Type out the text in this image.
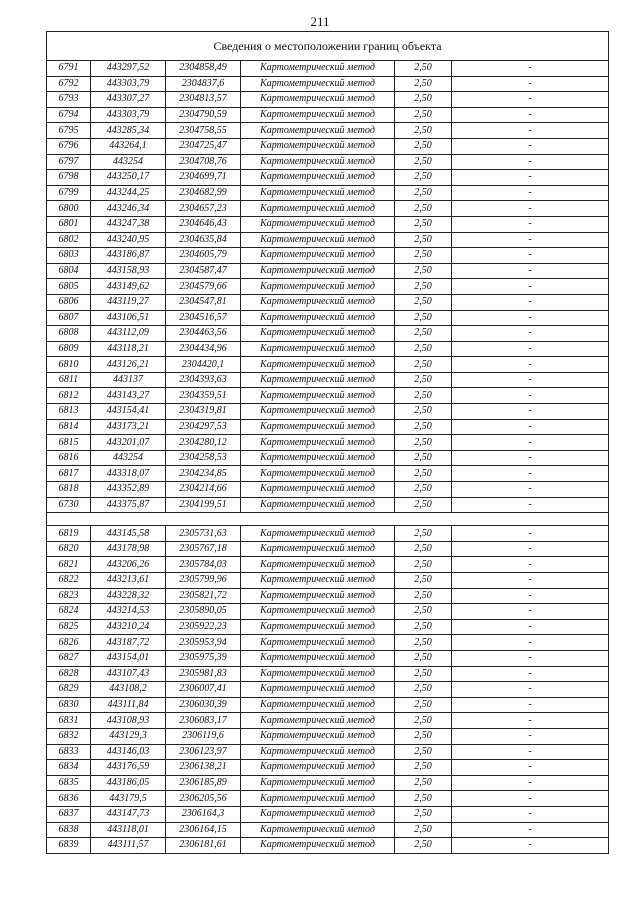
211
Сведения о местоположении границ объекта					
6791	443297,52	2304858,49	Картометрический метод	2,50	-
6792	443303,79	2304837,6	Картометрический метод	2,50	-
6793	443307,27	2304813,57	Картометрический метод	2,50	-
6794	443303,79	2304790,59	Картометрический метод	2,50	-
6795	443285,34	2304758,55	Картометрический метод	2,50	-
6796	443264,1	2304725,47	Картометрический метод	2,50	-
6797	443254	2304708,76	Картометрический метод	2,50	-
6798	443250,17	2304699,71	Картометрический метод	2,50	-
6799	443244,25	2304682,99	Картометрический метод	2,50	-
6800	443246,34	2304657,23	Картометрический метод	2,50	-
6801	443247,38	2304646,43	Картометрический метод	2,50	-
6802	443240,95	2304635,84	Картометрический метод	2,50	-
6803	443186,87	2304605,79	Картометрический метод	2,50	-
6804	443158,93	2304587,47	Картометрический метод	2,50	-
6805	443149,62	2304579,66	Картометрический метод	2,50	-
6806	443119,27	2304547,81	Картометрический метод	2,50	-
6807	443106,51	2304516,57	Картометрический метод	2,50	-
6808	443112,09	2304463,56	Картометрический метод	2,50	-
6809	443118,21	2304434,96	Картометрический метод	2,50	-
6810	443126,21	2304420,1	Картометрический метод	2,50	-
6811	443137	2304393,63	Картометрический метод	2,50	-
6812	443143,27	2304359,51	Картометрический метод	2,50	-
6813	443154,41	2304319,81	Картометрический метод	2,50	-
6814	443173,21	2304297,53	Картометрический метод	2,50	-
6815	443201,07	2304280,12	Картометрический метод	2,50	-
6816	443254	2304258,53	Картометрический метод	2,50	-
6817	443318,07	2304234,85	Картометрический метод	2,50	-
6818	443352,89	2304214,66	Картометрический метод	2,50	-
6730	443375,87	2304199,51	Картометрический метод	2,50	-

6819	443145,58	2305731,63	Картометрический метод	2,50	-
6820	443178,98	2305767,18	Картометрический метод	2,50	-
6821	443206,26	2305784,03	Картометрический метод	2,50	-
6822	443213,61	2305799,96	Картометрический метод	2,50	-
6823	443228,32	2305821,72	Картометрический метод	2,50	-
6824	443214,53	2305890,05	Картометрический метод	2,50	-
6825	443210,24	2305922,23	Картометрический метод	2,50	-
6826	443187,72	2305953,94	Картометрический метод	2,50	-
6827	443154,01	2305975,39	Картометрический метод	2,50	-
6828	443107,43	2305981,83	Картометрический метод	2,50	-
6829	443108,2	2306007,41	Картометрический метод	2,50	-
6830	443111,84	2306030,39	Картометрический метод	2,50	-
6831	443108,93	2306083,17	Картометрический метод	2,50	-
6832	443129,3	2306119,6	Картометрический метод	2,50	-
6833	443146,03	2306123,97	Картометрический метод	2,50	-
6834	443176,59	2306138,21	Картометрический метод	2,50	-
6835	443186,05	2306185,89	Картометрический метод	2,50	-
6836	443179,5	2306205,56	Картометрический метод	2,50	-
6837	443147,73	2306164,3	Картометрический метод	2,50	-
6838	443118,01	2306164,15	Картометрический метод	2,50	-
6839	443111,57	2306181,61	Картометрический метод	2,50	-
